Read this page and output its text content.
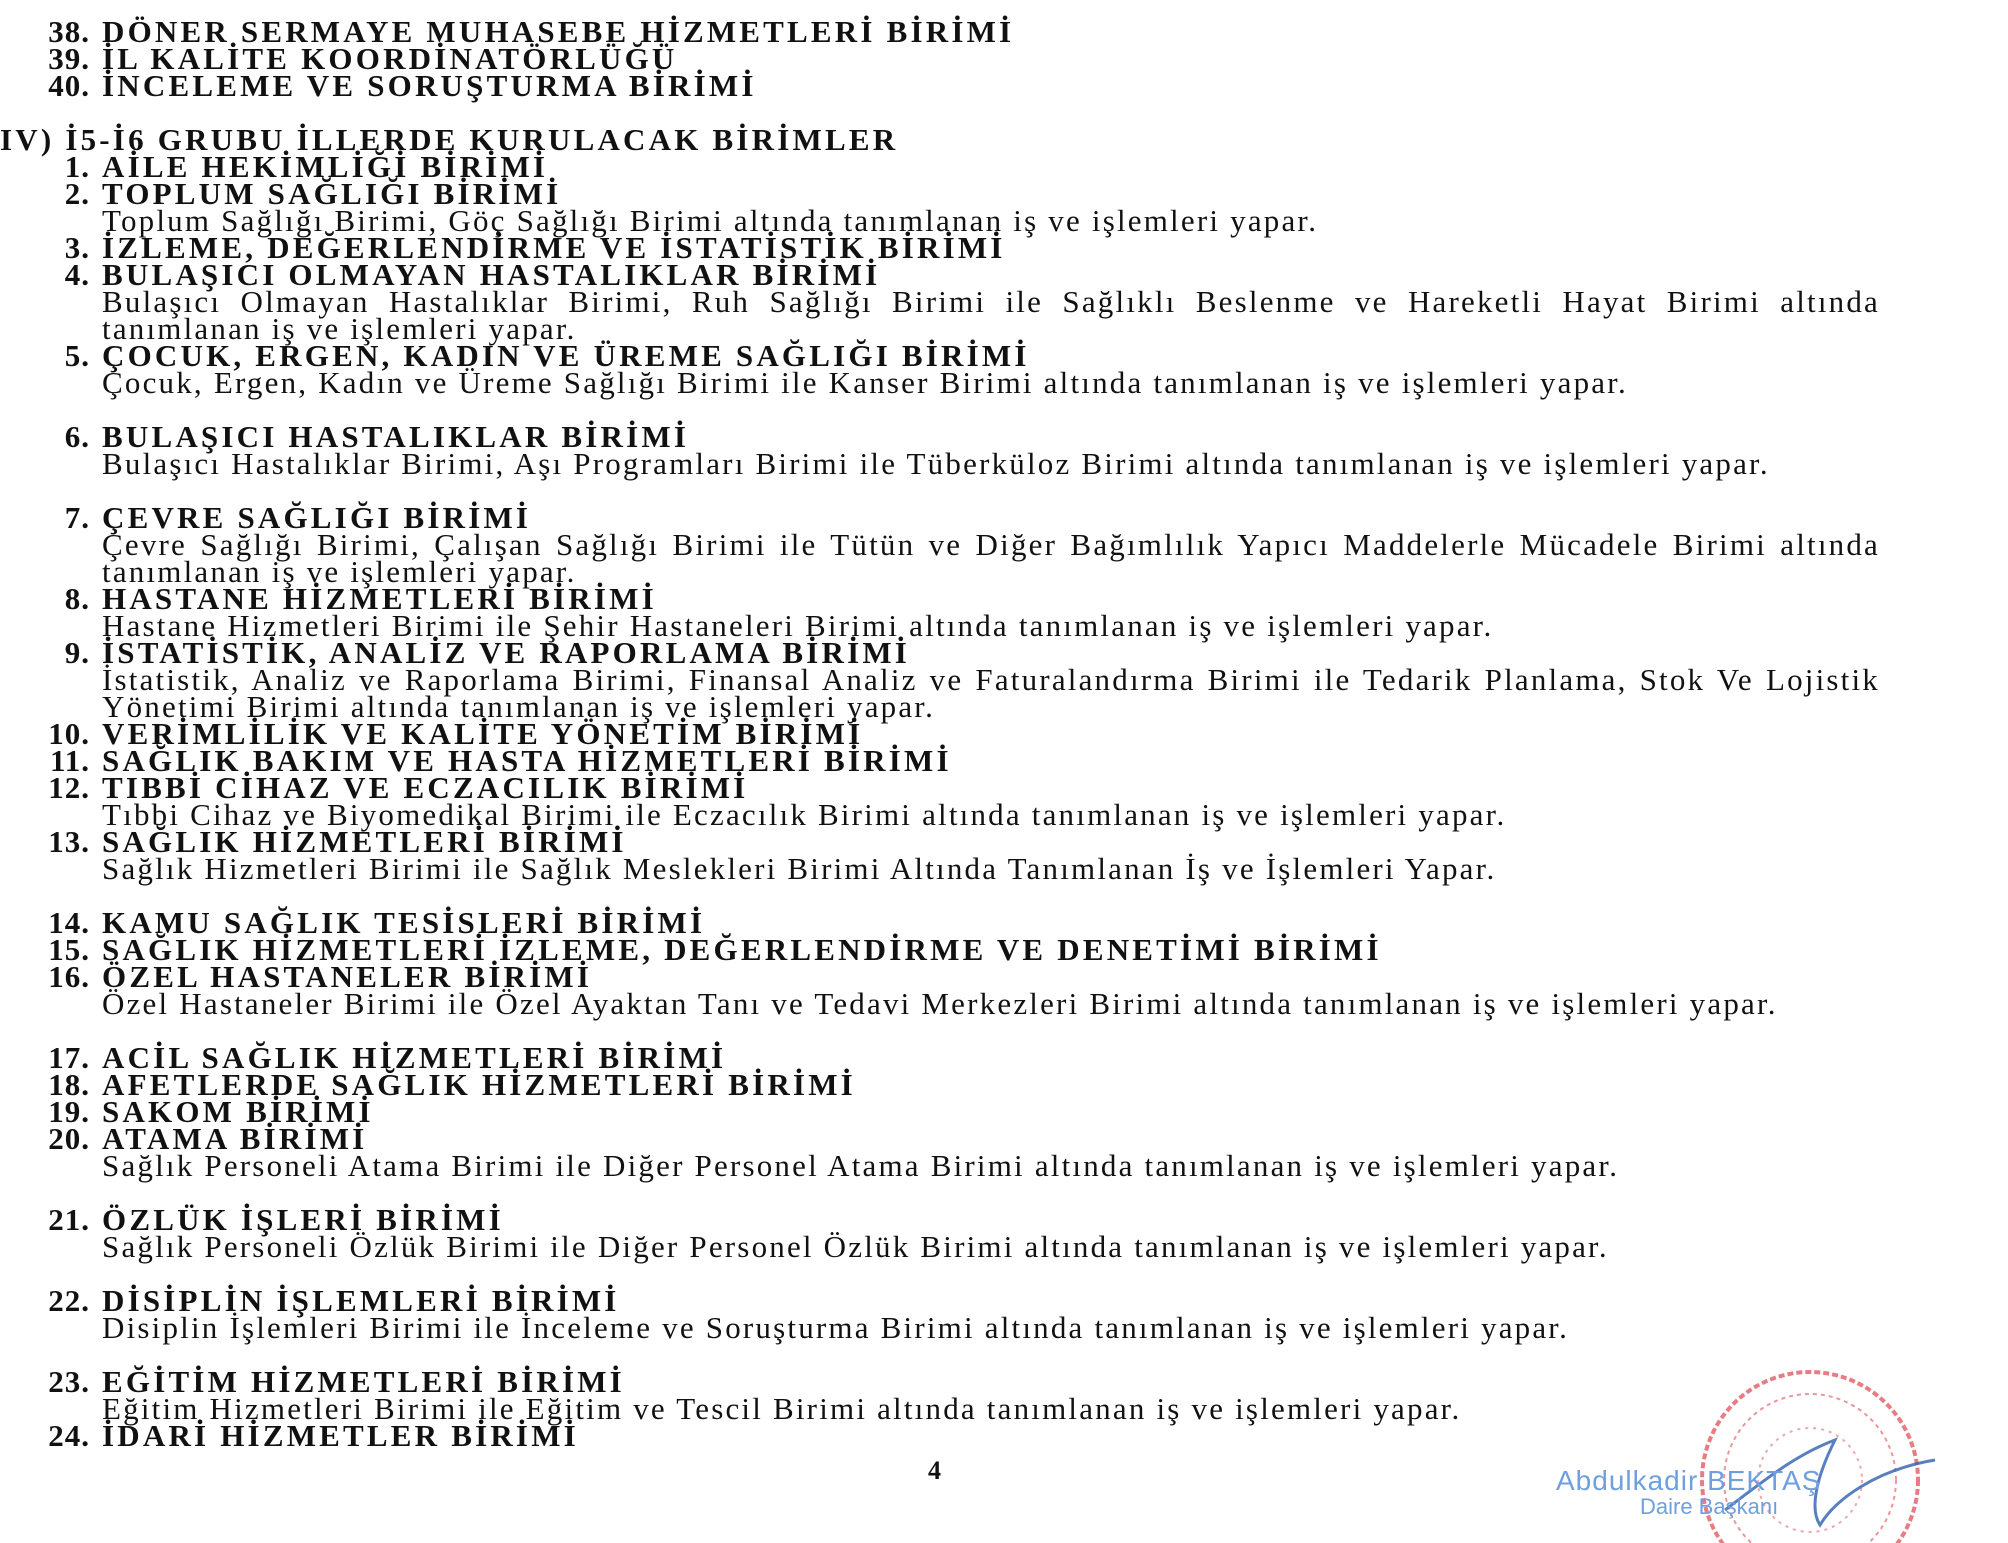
38. DÖNER SERMAYE MUHASEBE HİZMETLERİ BİRİMİ
39. İL KALİTE KOORDİNATÖRLÜĞÜ
40. İNCELEME VE SORUŞTURMA BİRİMİ
IV) İ5-İ6 GRUBU İLLERDE KURULACAK BİRİMLER
1. AİLE HEKİMLİĞİ BİRİMİ
2. TOPLUM SAĞLIĞI BİRİMİ
Toplum Sağlığı Birimi, Göç Sağlığı Birimi altında tanımlanan iş ve işlemleri yapar.
3. İZLEME, DEĞERLENDİRME VE İSTATİSTİK BİRİMİ
4. BULAŞICI OLMAYAN HASTALIKLAR BİRİMİ
Bulaşıcı Olmayan Hastalıklar Birimi, Ruh Sağlığı Birimi ile Sağlıklı Beslenme ve Hareketli Hayat Birimi altında tanımlanan iş ve işlemleri yapar.
5. ÇOCUK, ERGEN, KADIN VE ÜREME SAĞLIĞI BİRİMİ
Çocuk, Ergen, Kadın ve Üreme Sağlığı Birimi ile Kanser Birimi altında tanımlanan iş ve işlemleri yapar.
6. BULAŞICI HASTALIKLAR BİRİMİ
Bulaşıcı Hastalıklar Birimi, Aşı Programları Birimi ile Tüberküloz Birimi altında tanımlanan iş ve işlemleri yapar.
7. ÇEVRE SAĞLIĞI BİRİMİ
Çevre Sağlığı Birimi, Çalışan Sağlığı Birimi ile Tütün ve Diğer Bağımlılık Yapıcı Maddelerle Mücadele Birimi altında tanımlanan iş ve işlemleri yapar.
8. HASTANE HİZMETLERİ BİRİMİ
Hastane Hizmetleri Birimi ile Şehir Hastaneleri Birimi altında tanımlanan iş ve işlemleri yapar.
9. İSTATİSTİK, ANALİZ VE RAPORLAMA BİRİMİ
İstatistik, Analiz ve Raporlama Birimi, Finansal Analiz ve Faturalandırma Birimi ile Tedarik Planlama, Stok Ve Lojistik Yönetimi Birimi altında tanımlanan iş ve işlemleri yapar.
10. VERİMLİLİK VE KALİTE YÖNETİM BİRİMİ
11. SAĞLIK BAKIM VE HASTA HİZMETLERİ BİRİMİ
12. TIBBİ CİHAZ VE ECZACILIK BİRİMİ
Tıbbi Cihaz ve Biyomedikal Birimi ile Eczacılık Birimi altında tanımlanan iş ve işlemleri yapar.
13. SAĞLIK HİZMETLERİ BİRİMİ
Sağlık Hizmetleri Birimi ile Sağlık Meslekleri Birimi Altında Tanımlanan İş ve İşlemleri Yapar.
14. KAMU SAĞLIK TESİSLERİ BİRİMİ
15. SAĞLIK HİZMETLERİ İZLEME, DEĞERLENDİRME VE DENETİMİ BİRİMİ
16. ÖZEL HASTANELER BİRİMİ
Özel Hastaneler Birimi ile Özel Ayaktan Tanı ve Tedavi Merkezleri Birimi altında tanımlanan iş ve işlemleri yapar.
17. ACİL SAĞLIK HİZMETLERİ BİRİMİ
18. AFETLERDE SAĞLIK HİZMETLERİ BİRİMİ
19. SAKOM BİRİMİ
20. ATAMA BİRİMİ
Sağlık Personeli Atama Birimi ile Diğer Personel Atama Birimi altında tanımlanan iş ve işlemleri yapar.
21. ÖZLÜK İŞLERİ BİRİMİ
Sağlık Personeli Özlük Birimi ile Diğer Personel Özlük Birimi altında tanımlanan iş ve işlemleri yapar.
22. DİSİPLİN İŞLEMLERİ BİRİMİ
Disiplin İşlemleri Birimi ile İnceleme ve Soruşturma Birimi altında tanımlanan iş ve işlemleri yapar.
23. EĞİTİM HİZMETLERİ BİRİMİ
Eğitim Hizmetleri Birimi ile Eğitim ve Tescil Birimi altında tanımlanan iş ve işlemleri yapar.
24. İDARİ HİZMETLER BİRİMİ
4	Abdulkadir BEKTAŞ
Daire Başkanı
